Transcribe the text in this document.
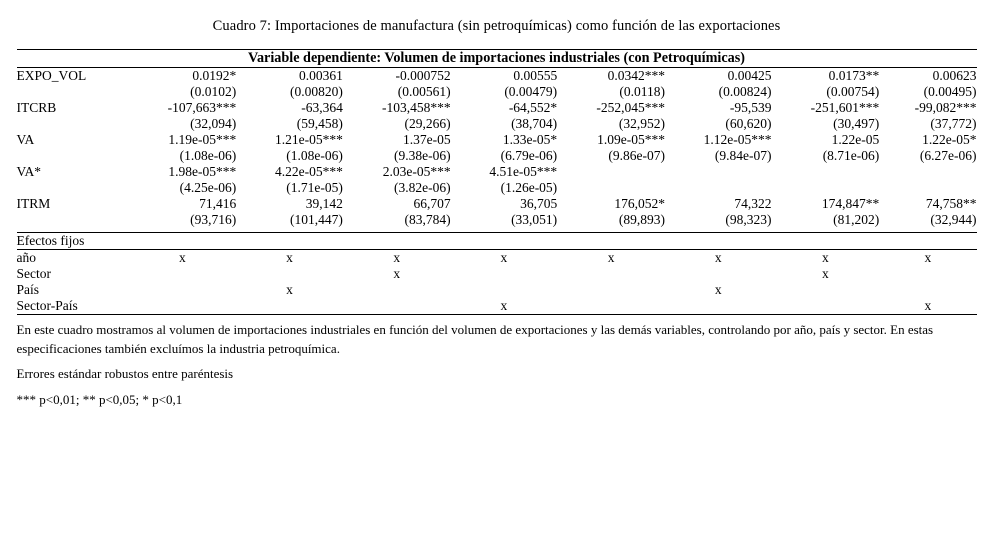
Cuadro 7: Importaciones de manufactura (sin petroquímicas) como función de las exportaciones
Variable dependiente: Volumen de importaciones industriales (con Petroquímicas)								
EXPO_VOL	0.0192*	0.00361	-0.000752	0.00555	0.0342***	0.00425	0.0173**	0.00623
	(0.0102)	(0.00820)	(0.00561)	(0.00479)	(0.0118)	(0.00824)	(0.00754)	(0.00495)
ITCRB	-107,663***	-63,364	-103,458***	-64,552*	-252,045***	-95,539	-251,601***	-99,082***
	(32,094)	(59,458)	(29,266)	(38,704)	(32,952)	(60,620)	(30,497)	(37,772)
VA	1.19e-05***	1.21e-05***	1.37e-05	1.33e-05*	1.09e-05***	1.12e-05***	1.22e-05	1.22e-05*
	(1.08e-06)	(1.08e-06)	(9.38e-06)	(6.79e-06)	(9.86e-07)	(9.84e-07)	(8.71e-06)	(6.27e-06)
VA*	1.98e-05***	4.22e-05***	2.03e-05***	4.51e-05***				
	(4.25e-06)	(1.71e-05)	(3.82e-06)	(1.26e-05)				
ITRM	71,416	39,142	66,707	36,705	176,052*	74,322	174,847**	74,758**
	(93,716)	(101,447)	(83,784)	(33,051)	(89,893)	(98,323)	(81,202)	(32,944)

Efectos fijos								
año	x	x	x	x	x	x	x	x
Sector			x				x	
País		x				x		
Sector-País				x				x

En este cuadro mostramos al volumen de importaciones industriales en función del volumen de exportaciones y las demás variables, controlando por año, país y sector. En estas especificaciones también excluímos la industria petroquímica.

Errores estándar robustos entre paréntesis

*** p<0,01; ** p<0,05; * p<0,1
